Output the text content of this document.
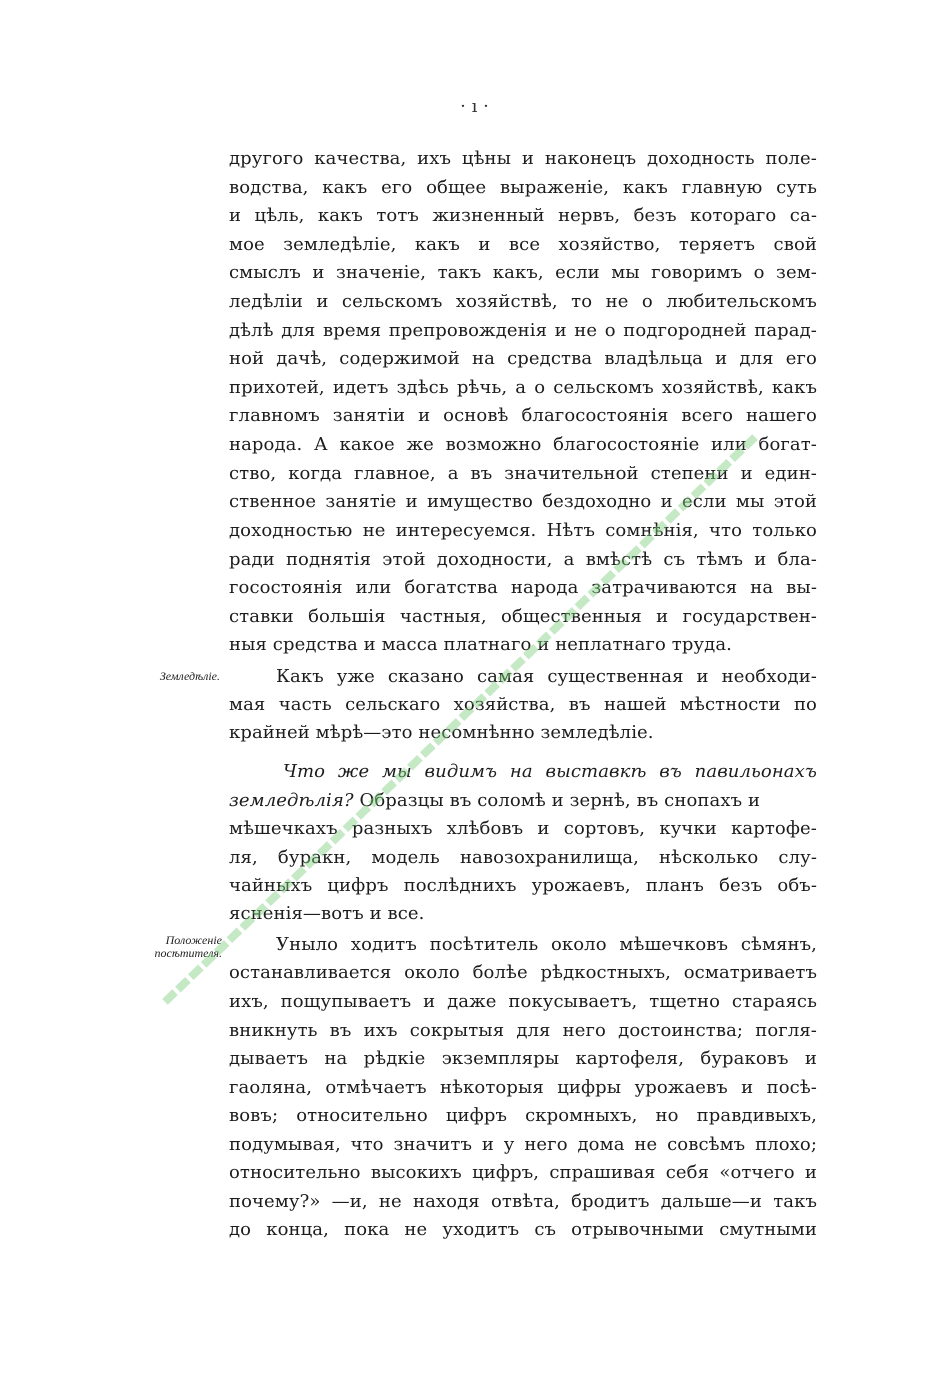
· ı ·
другого качества, ихъ цѣны и наконецъ доходность поле-
водства, какъ его общее выраженіе, какъ главную суть
и цѣль, какъ тотъ жизненный нервъ, безъ котораго са-
мое земледѣліе, какъ и все хозяйство, теряетъ свой
смыслъ и значеніе, такъ какъ, если мы говоримъ о зем-
ледѣліи и сельскомъ хозяйствѣ, то не о любительскомъ
дѣлѣ для время препровожденія и не о подгородней парад-
ной дачѣ, содержимой на средства владѣльца и для его
прихотей, идетъ здѣсь рѣчь, а о сельскомъ хозяйствѣ, какъ
главномъ занятіи и основѣ благосостоянія всего нашего
народа. А какое же возможно благосостояніе или богат-
ство, когда главное, а въ значительной степени и един-
ственное занятіе и имущество бездоходно и если мы этой
доходностью не интересуемся. Нѣтъ сомнѣнія, что только
ради поднятія этой доходности, а вмѣстѣ съ тѣмъ и бла-
госостоянія или богатства народа затрачиваются на вы-
ставки большія частныя, общественныя и государствен-
ныя средства и масса платнаго и неплатнаго труда.
Земледѣліе.	Какъ уже сказано самая существенная и необходи-
мая часть сельскаго хозяйства, въ нашей мѣстности по
крайней мѣрѣ—это несомнѣнно земледѣліе.
Что же мы видимъ на выставкѣ въ павильонахъ
земледѣлія? Образцы въ соломѣ и зернѣ, въ снопахъ и
мѣшечкахъ разныхъ хлѣбовъ и сортовъ, кучки картофе-
ля, буракн, модель навозохранилища, нѣсколько слу-
чайныхъ цифръ послѣднихъ урожаевъ, планъ безъ объ-
ясненія—вотъ и все.
Положеніе
посѣтителя.	Уныло ходитъ посѣтитель около мѣшечковъ сѣмянъ,
останавливается около болѣе рѣдкостныхъ, осматриваетъ
ихъ, пощупываетъ и даже покусываетъ, тщетно стараясь
вникнуть въ ихъ сокрытыя для него достоинства; погля-
дываетъ на рѣдкіе экземпляры картофеля, бураковъ и
гаоляна, отмѣчаетъ нѣкоторыя цифры урожаевъ и посѣ-
вовъ; относительно цифръ скромныхъ, но правдивыхъ,
подумывая, что значитъ и у него дома не совсѣмъ плохо;
относительно высокихъ цифръ, спрашивая себя «отчего и
почему?» —и, не находя отвѣта, бродитъ дальше—и такъ
до конца, пока не уходитъ съ отрывочными смутными
